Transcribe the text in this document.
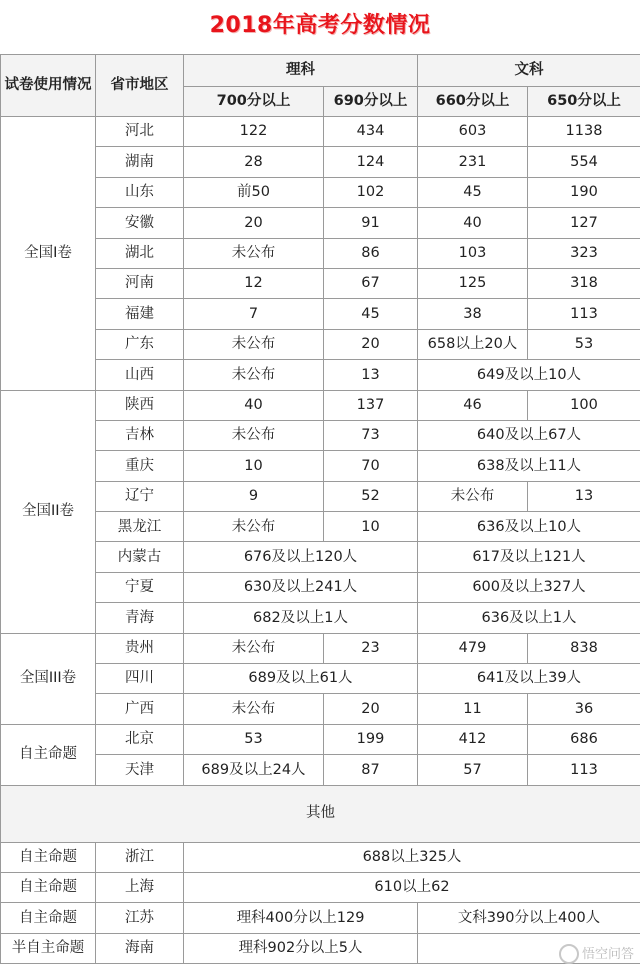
2018年高考分数情况
试卷使用情况	省市地区	理科		文科	
		700分以上	690分以上	660分以上	650分以上
全国I卷	河北	122	434	603	1138
	湖南	28	124	231	554
	山东	前50	102	45	190
	安徽	20	91	40	127
	湖北	未公布	86	103	323
	河南	12	67	125	318
	福建	7	45	38	113
	广东	未公布	20	658以上20人	53
	山西	未公布	13	649及以上10人	
全国II卷	陕西	40	137	46	100
	吉林	未公布	73	640及以上67人	
	重庆	10	70	638及以上11人	
	辽宁	9	52	未公布	13
	黑龙江	未公布	10	636及以上10人	
	内蒙古	676及以上120人		617及以上121人	
	宁夏	630及以上241人		600及以上327人	
	青海	682及以上1人		636及以上1人	
全国III卷	贵州	未公布	23	479	838
	四川	689及以上61人		641及以上39人	
	广西	未公布	20	11	36
自主命题	北京	53	199	412	686
	天津	689及以上24人	87	57	113
其他					
自主命题	浙江	688以上325人			
自主命题	上海	610以上62			
自主命题	江苏	理科400分以上129		文科390分以上400人	
半自主命题	海南	理科902分以上5人				悟空问答
